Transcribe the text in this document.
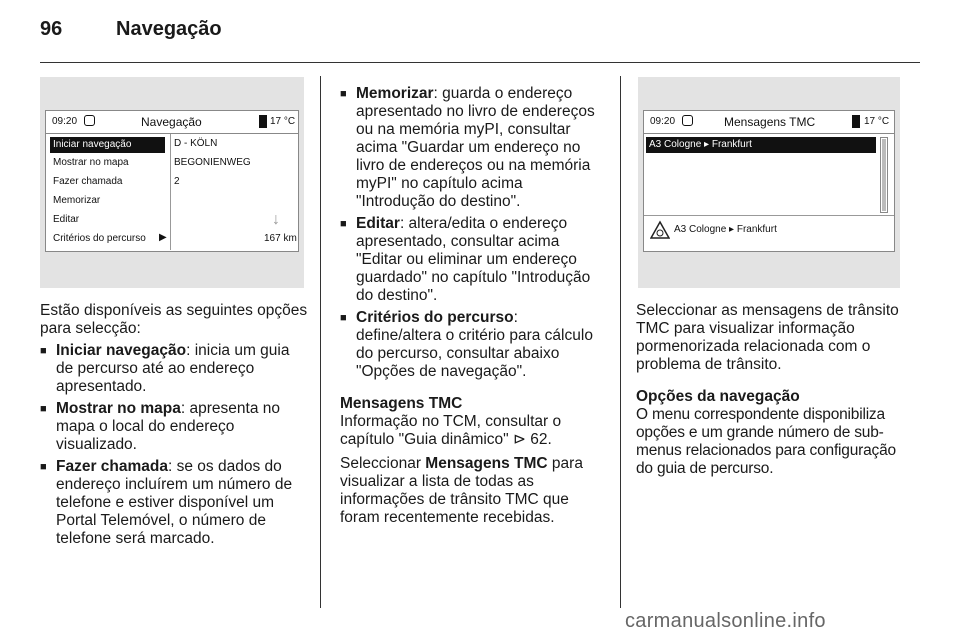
96	Navegação
09:20	Navegação	17 °C
Iniciar navegação
Mostrar no mapa
Fazer chamada
Memorizar
Editar
Critérios do percurso	▶
D - KÖLN
BEGONIENWEG
2
↓
167 km
09:20	Mensagens TMC	17 °C
A3 Cologne ▸ Frankfurt
A3 Cologne ▸ Frankfurt

Estão disponíveis as seguintes opções para selecção:

■ Iniciar navegação: inicia um guia de percurso até ao endereço apresentado.

■ Mostrar no mapa: apresenta no mapa o local do endereço visualizado.

■ Fazer chamada: se os dados do endereço incluírem um número de telefone e estiver disponível um Portal Telemóvel, o número de telefone será marcado.

■ Memorizar: guarda o endereço apresentado no livro de endereços ou na memória myPI, consultar acima "Guardar um endereço no livro de endereços ou na memória myPI" no capítulo acima "Introdução do destino".

■ Editar: altera/edita o endereço apresentado, consultar acima "Editar ou eliminar um endereço guardado" no capítulo "Introdução do destino".

■ Critérios do percurso: define/altera o critério para cálculo do percurso, consultar abaixo "Opções de navegação".

Mensagens TMC

Informação no TCM, consultar o capítulo "Guia dinâmico" ⊳ 62.

Seleccionar Mensagens TMC para visualizar a lista de todas as informações de trânsito TMC que foram recentemente recebidas.

Seleccionar as mensagens de trânsito TMC para visualizar informação pormenorizada relacionada com o problema de trânsito.

Opções da navegação

O menu correspondente disponibiliza opções e um grande número de sub-menus relacionados para configuração do guia de percurso.

carmanualsonline.info
